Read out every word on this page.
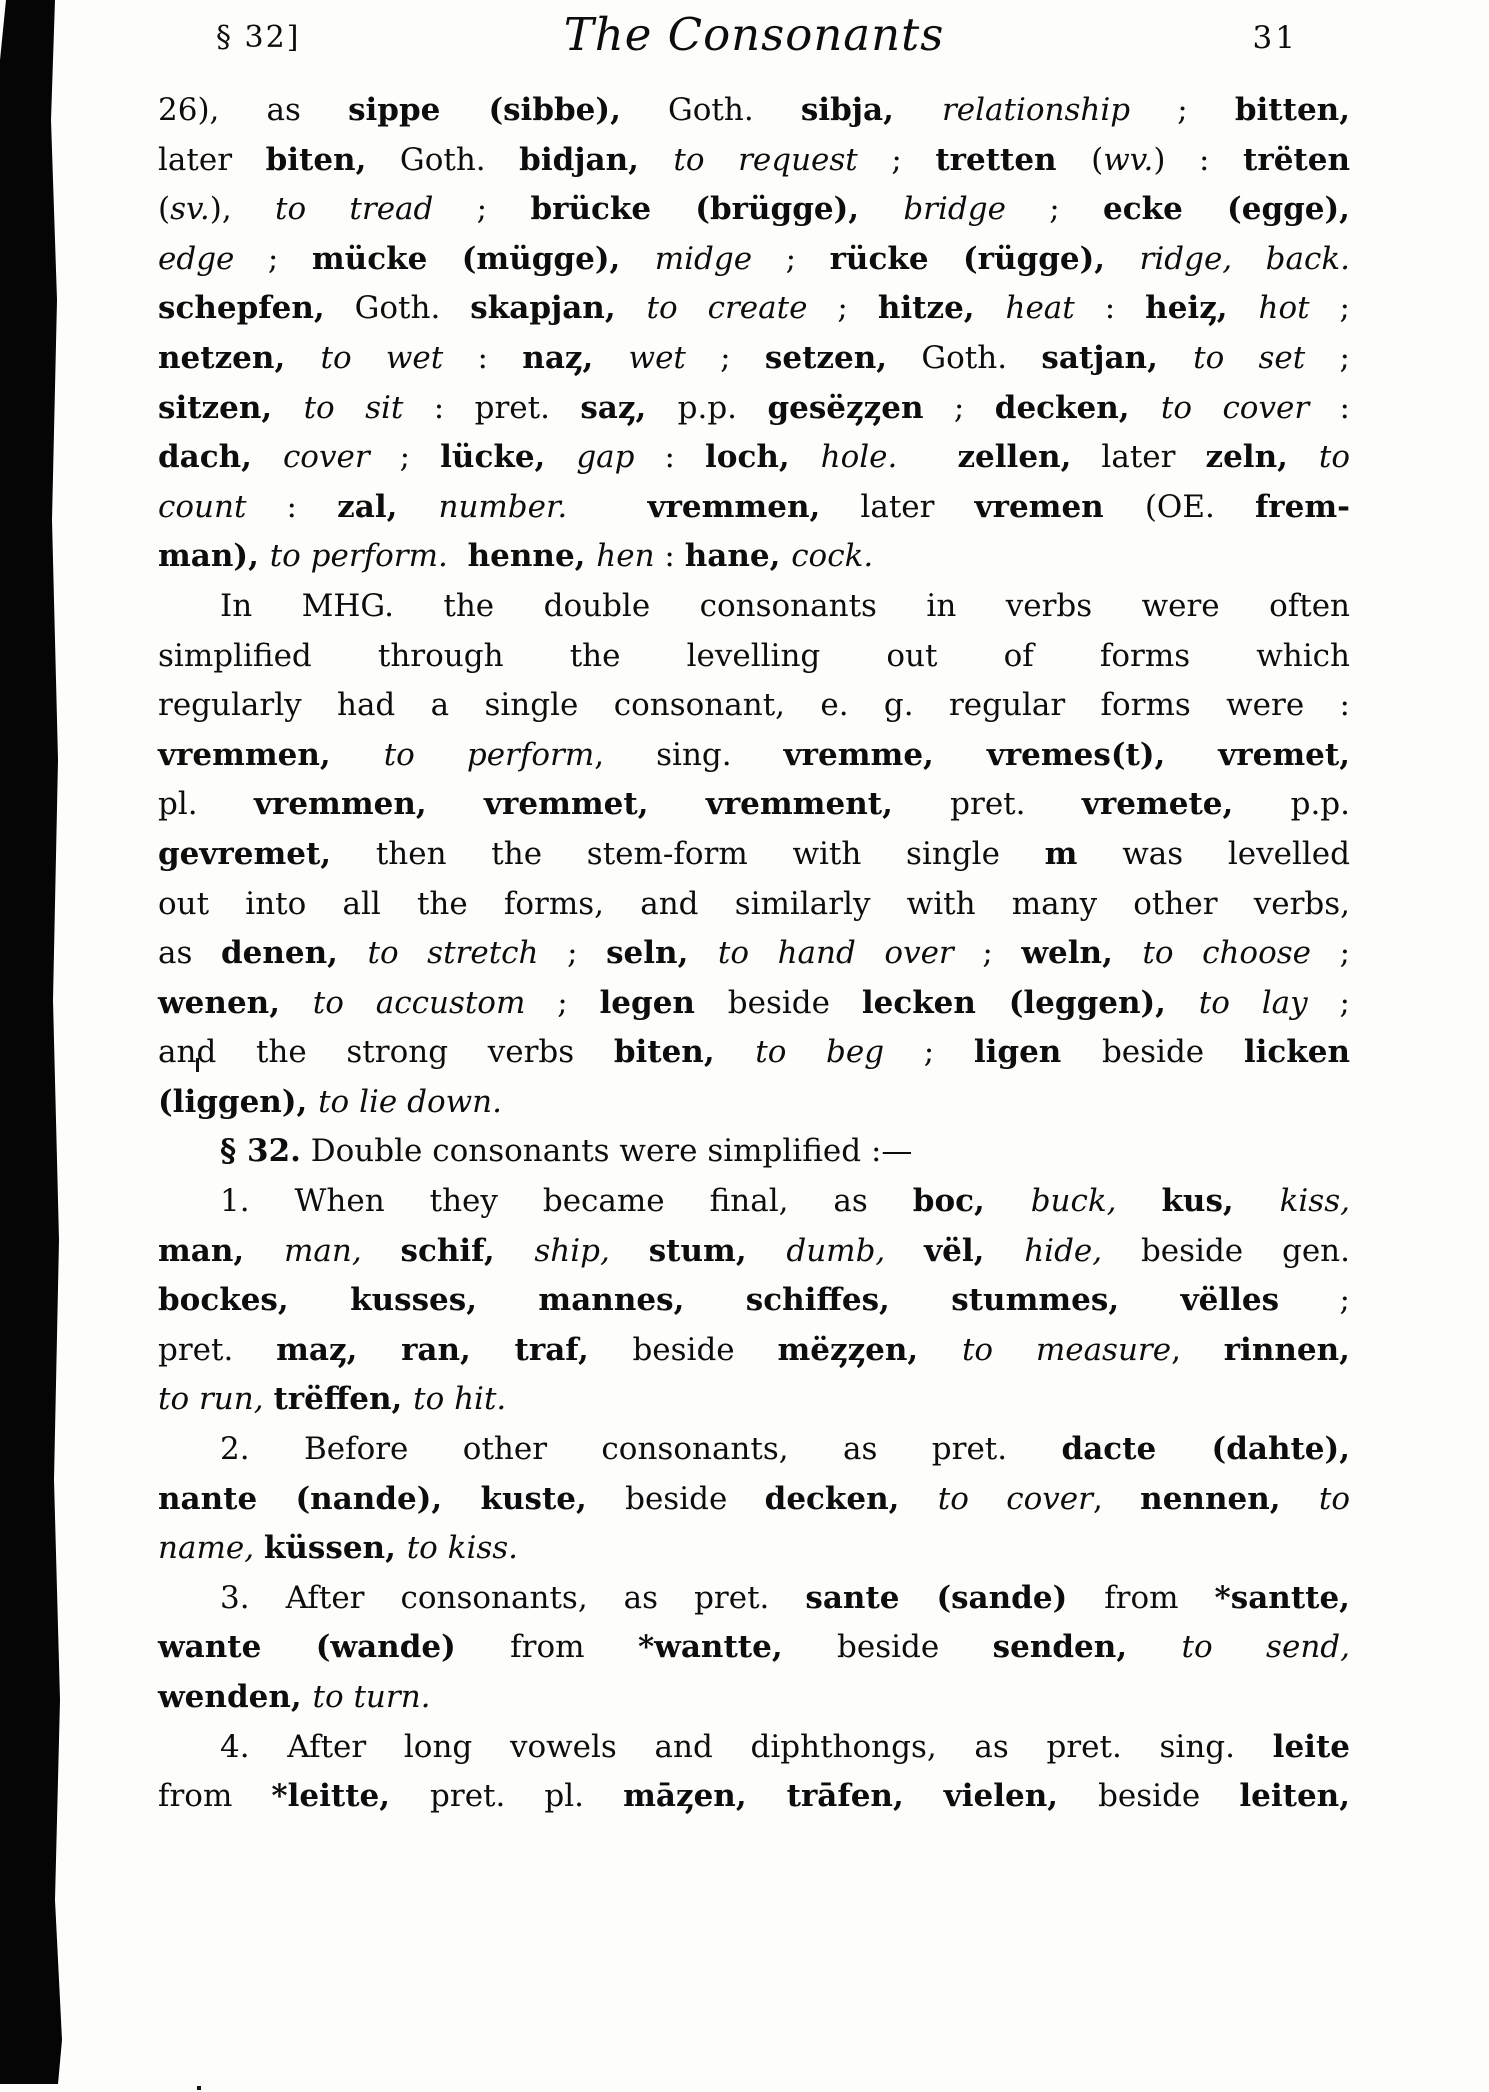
§ 32]	The Consonants	31
26), as sippe (sibbe), Goth. sibja, relationship ; bitten,
later biten, Goth. bidjan, to request ; tretten (wv.) : trëten
(sv.), to tread ; brücke (brügge), bridge ; ecke (egge),
edge ; mücke (mügge), midge ; rücke (rügge), ridge, back.
schepfen, Goth. skapjan, to create ; hitze, heat : heiȥ, hot ;
netzen, to wet : naȥ, wet ; setzen, Goth. satjan, to set ;
sitzen, to sit : pret. saȥ, p.p. gesëȥȥen ; decken, to cover :
dach, cover ; lücke, gap : loch, hole. zellen, later zeln, to
count : zal, number.	vremmen, later vremen (OE. frem-
man), to perform. henne, hen : hane, cock.
In MHG. the double consonants in verbs were often
simplified through the levelling out of forms which
regularly had a single consonant, e. g. regular forms were :
vremmen, to perform, sing. vremme, vremes(t), vremet,
pl. vremmen, vremmet, vremment, pret. vremete, p.p.
gevremet, then the stem-form with single m was levelled
out into all the forms, and similarly with many other verbs,
as denen, to stretch ; seln, to hand over ; weln, to choose ;
wenen, to accustom ; legen beside lecken (leggen), to lay ;
and the strong verbs biten, to beg ; ligen beside licken
(liggen), to lie down.
§ 32. Double consonants were simplified :—
1. When they became final, as boc, buck, kus, kiss,
man, man, schif, ship, stum, dumb, vël, hide, beside gen.
bockes, kusses, mannes, schiffes, stummes, vëlles ;
pret. maȥ, ran, traf, beside mëȥȥen, to measure, rinnen,
to run, trëffen, to hit.
2. Before other consonants, as pret. dacte (dahte),
nante (nande), kuste, beside decken, to cover, nennen, to
name, küssen, to kiss.
3. After consonants, as pret. sante (sande) from *santte,
wante (wande) from *wantte, beside senden, to send,
wenden, to turn.
4. After long vowels and diphthongs, as pret. sing. leite
from *leitte, pret. pl. māȥen, trāfen, vielen, beside leiten,
